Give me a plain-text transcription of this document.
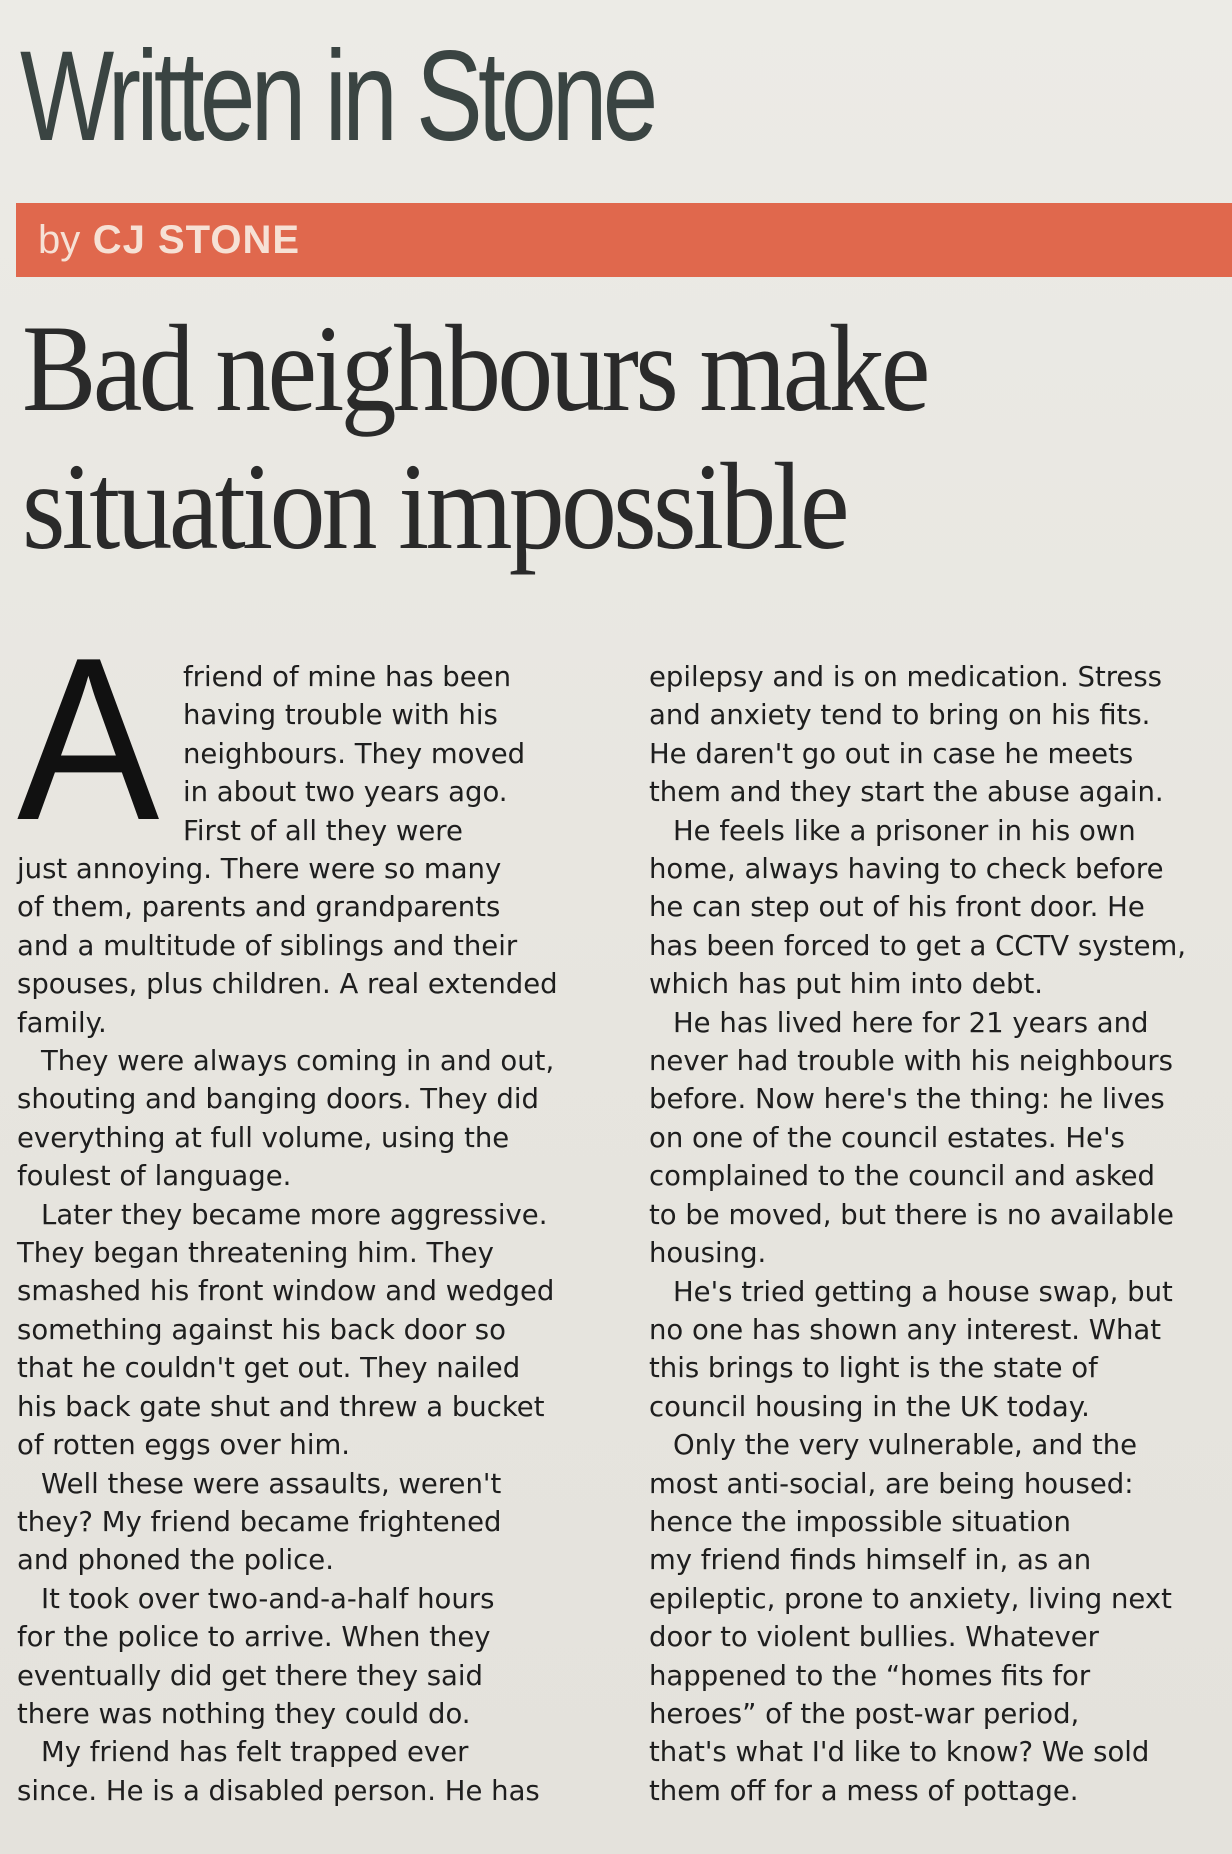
Written in Stone
by CJ STONE
Bad neighbours make
situation impossible
A friend of mine has been

having trouble with his

neighbours. They moved

in about two years ago.

First of all they were

just annoying. There were so many

of them, parents and grandparents

and a multitude of siblings and their

spouses, plus children. A real extended

family.

They were always coming in and out,

shouting and banging doors. They did

everything at full volume, using the

foulest of language.

Later they became more aggressive.

They began threatening him. They

smashed his front window and wedged

something against his back door so

that he couldn't get out. They nailed

his back gate shut and threw a bucket

of rotten eggs over him.

Well these were assaults, weren't

they? My friend became frightened

and phoned the police.

It took over two-and-a-half hours

for the police to arrive. When they

eventually did get there they said

there was nothing they could do.

My friend has felt trapped ever

since. He is a disabled person. He has

epilepsy and is on medication. Stress

and anxiety tend to bring on his fits.

He daren't go out in case he meets

them and they start the abuse again.

He feels like a prisoner in his own

home, always having to check before

he can step out of his front door. He

has been forced to get a CCTV system,

which has put him into debt.

He has lived here for 21 years and

never had trouble with his neighbours

before. Now here's the thing: he lives

on one of the council estates. He's

complained to the council and asked

to be moved, but there is no available

housing.

He's tried getting a house swap, but

no one has shown any interest. What

this brings to light is the state of

council housing in the UK today.

Only the very vulnerable, and the

most anti-social, are being housed:

hence the impossible situation

my friend finds himself in, as an

epileptic, prone to anxiety, living next

door to violent bullies. Whatever

happened to the “homes fits for

heroes” of the post-war period,

that's what I'd like to know? We sold

them off for a mess of pottage.
